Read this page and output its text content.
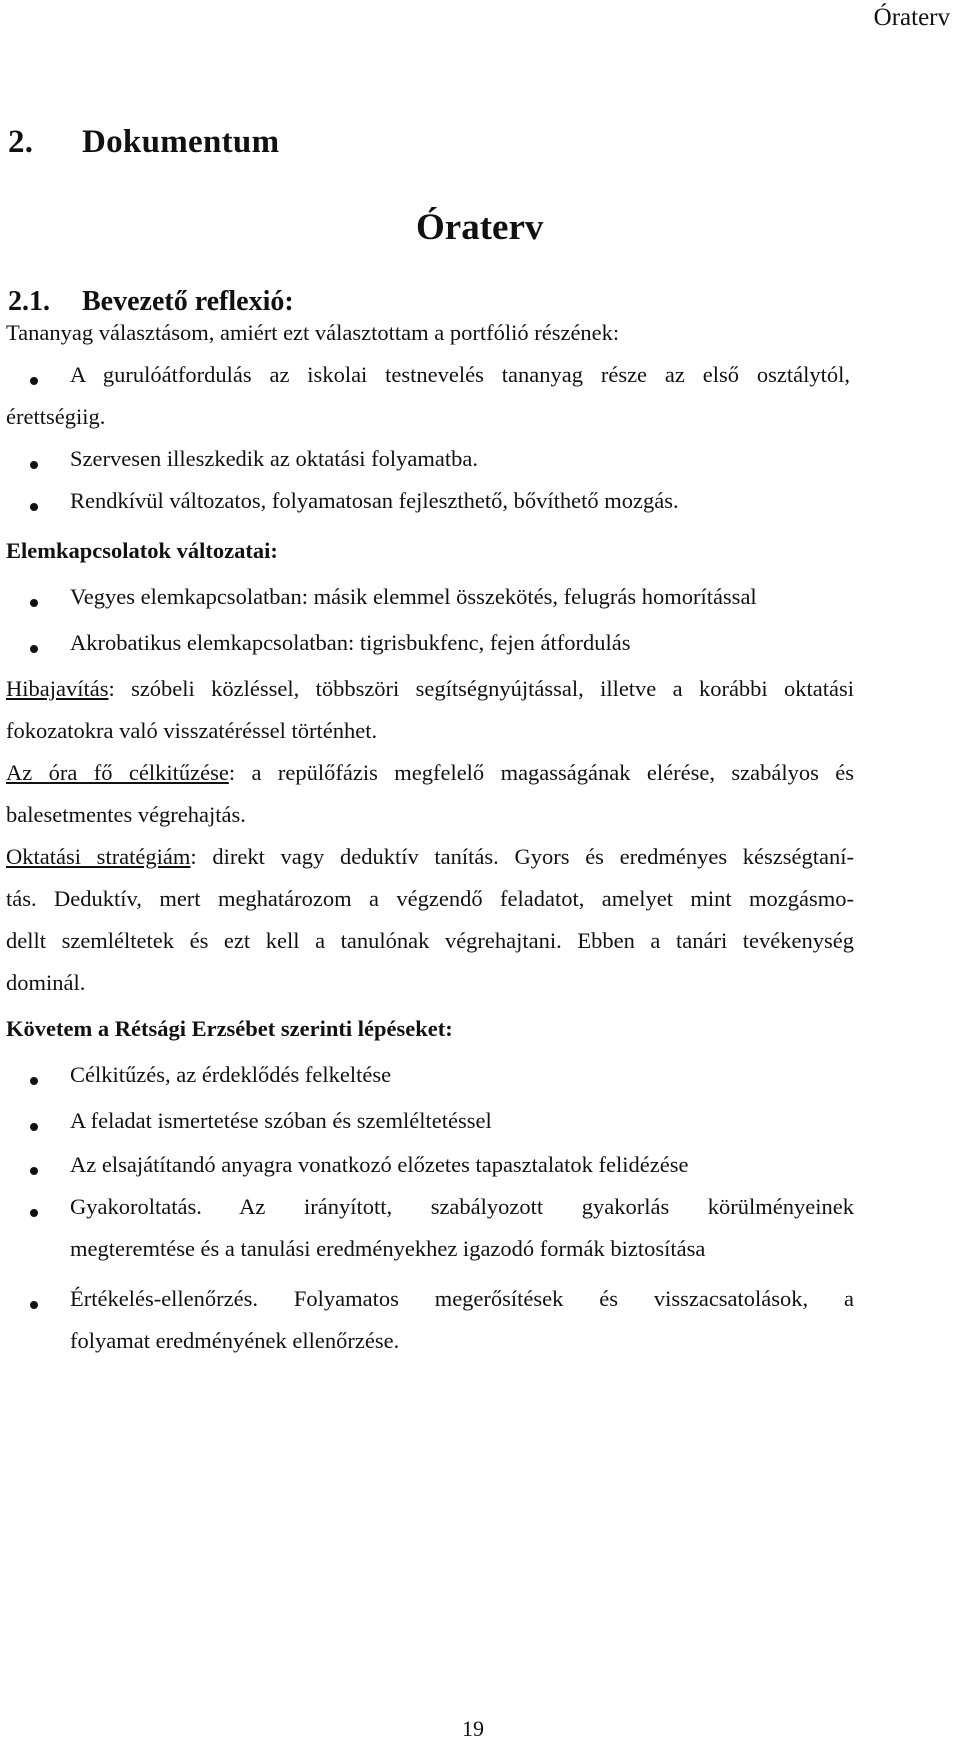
Óraterv
2. Dokumentum
Óraterv
2.1. Bevezető reflexió:
Tananyag választásom, amiért ezt választottam a portfólió részének:
A gurulóátfordulás az iskolai testnevelés tananyag része az első osztálytól,
érettségiig.
Szervesen illeszkedik az oktatási folyamatba.
Rendkívül változatos, folyamatosan fejleszthető, bővíthető mozgás.
Elemkapcsolatok változatai:
Vegyes elemkapcsolatban: másik elemmel összekötés, felugrás homorítással
Akrobatikus elemkapcsolatban: tigrisbukfenc, fejen átfordulás
Hibajavítás: szóbeli közléssel, többszöri segítségnyújtással, illetve a korábbi oktatási
fokozatokra való visszatéréssel történhet.
Az óra fő célkitűzése: a repülőfázis megfelelő magasságának elérése, szabályos és
balesetmentes végrehajtás.
Oktatási stratégiám: direkt vagy deduktív tanítás. Gyors és eredményes készségtaní-
tás. Deduktív, mert meghatározom a végzendő feladatot, amelyet mint mozgásmo-
dellt szemléltetek és ezt kell a tanulónak végrehajtani. Ebben a tanári tevékenység
dominál.
Követem a Rétsági Erzsébet szerinti lépéseket:
Célkitűzés, az érdeklődés felkeltése
A feladat ismertetése szóban és szemléltetéssel
Az elsajátítandó anyagra vonatkozó előzetes tapasztalatok felidézése
Gyakoroltatás. Az irányított, szabályozott gyakorlás körülményeinek
megteremtése és a tanulási eredményekhez igazodó formák biztosítása
Értékelés-ellenőrzés. Folyamatos megerősítések és visszacsatolások, a
folyamat eredményének ellenőrzése.
19
